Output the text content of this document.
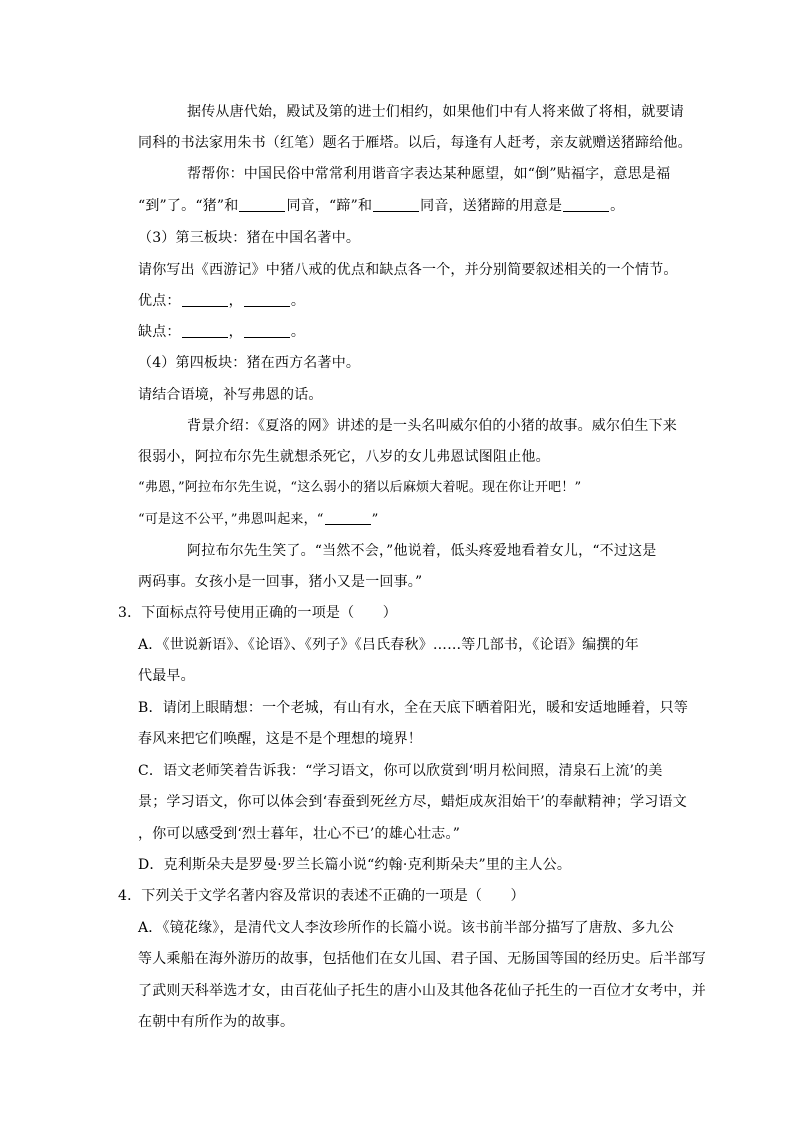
据传从唐代始，殿试及第的进士们相约，如果他们中有人将来做了将相，就要请
同科的书法家用朱书（红笔）题名于雁塔。以后，每逢有人赶考，亲友就赠送猪蹄给他。
帮帮你：中国民俗中常常利用谐音字表达某种愿望，如“倒”贴福字，意思是福
“到”了。“猪”和	同音，“蹄”和	同音，送猪蹄的用意是	。
（3）第三板块：猪在中国名著中。
请你写出《西游记》中猪八戒的优点和缺点各一个，并分别简要叙述相关的一个情节。
优点：	，	。
缺点：	，	。
（4）第四板块：猪在西方名著中。
请结合语境，补写弗恩的话。
背景介绍：《夏洛的网》讲述的是一头名叫威尔伯的小猪的故事。威尔伯生下来
很弱小，阿拉布尔先生就想杀死它，八岁的女儿弗恩试图阻止他。
“弗恩，”阿拉布尔先生说，“这么弱小的猪以后麻烦大着呢。现在你让开吧！”
“可是这不公平，”弗恩叫起来，“	”
阿拉布尔先生笑了。“当然不会，”他说着，低头疼爱地看着女儿，“不过这是
两码事。女孩小是一回事，猪小又是一回事。”
3．下面标点符号使用正确的一项是（　　）
A．《世说新语》、《论语》、《列子》《吕氏春秋》……等几部书，《论语》编撰的年
代最早。
B．请闭上眼睛想：一个老城，有山有水，全在天底下晒着阳光，暖和安适地睡着，只等
春风来把它们唤醒，这是不是个理想的境界！
C．语文老师笑着告诉我：“学习语文，你可以欣赏到‘明月松间照，清泉石上流’的美
景；学习语文，你可以体会到‘春蚕到死丝方尽，蜡炬成灰泪始干’的奉献精神；学习语文
，你可以感受到‘烈士暮年，壮心不已’的雄心壮志。”
D．克利斯朵夫是罗曼·罗兰长篇小说“约翰·克利斯朵夫”里的主人公。
4．下列关于文学名著内容及常识的表述不正确的一项是（　　）
A．《镜花缘》，是清代文人李汝珍所作的长篇小说。该书前半部分描写了唐敖、多九公
等人乘船在海外游历的故事，包括他们在女儿国、君子国、无肠国等国的经历史。后半部写
了武则天科举选才女，由百花仙子托生的唐小山及其他各花仙子托生的一百位才女考中，并
在朝中有所作为的故事。
